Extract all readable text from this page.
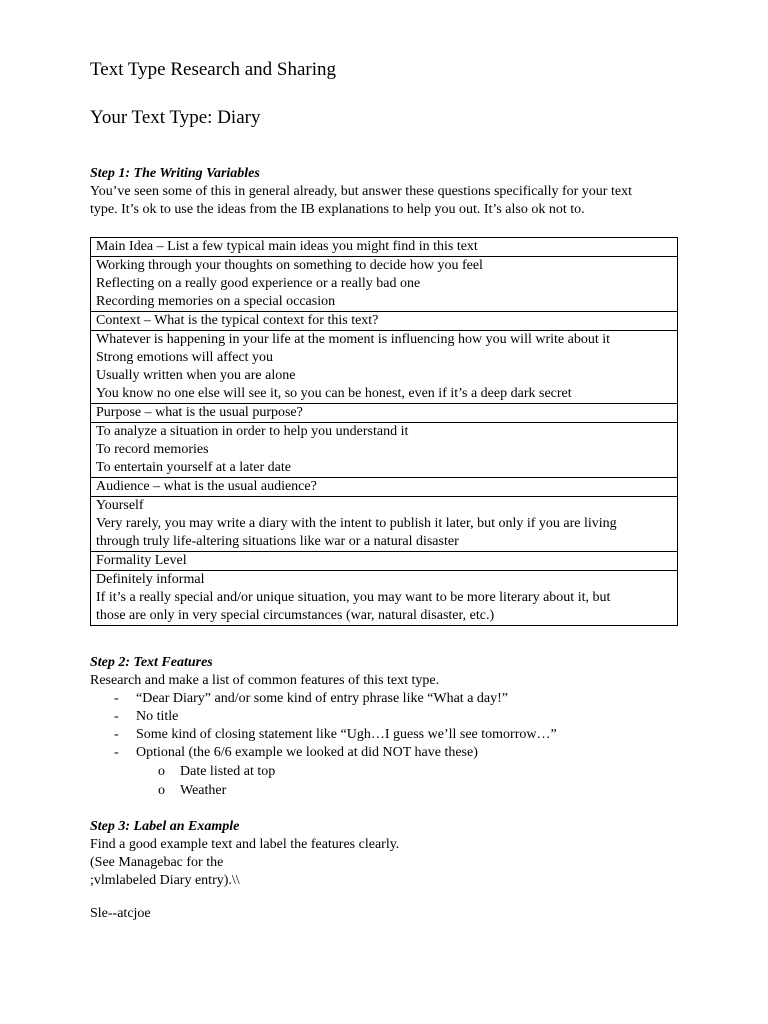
Text Type Research and Sharing
Your Text Type: Diary
Step 1: The Writing Variables
You’ve seen some of this in general already, but answer these questions specifically for your text
type. It’s ok to use the ideas from the IB explanations to help you out. It’s also ok not to.
Main Idea – List a few typical main ideas you might find in this text

Working through your thoughts on something to decide how you feel
Reflecting on a really good experience or a really bad one
Recording memories on a special occasion

Context – What is the typical context for this text?

Whatever is happening in your life at the moment is influencing how you will write about it
Strong emotions will affect you
Usually written when you are alone
You know no one else will see it, so you can be honest, even if it’s a deep dark secret

Purpose – what is the usual purpose?

To analyze a situation in order to help you understand it
To record memories
To entertain yourself at a later date

Audience – what is the usual audience?

Yourself
Very rarely, you may write a diary with the intent to publish it later, but only if you are living
through truly life-altering situations like war or a natural disaster

Formality Level

Definitely informal
If it’s a really special and/or unique situation, you may want to be more literary about it, but
those are only in very special circumstances (war, natural disaster, etc.)
Step 2: Text Features
Research and make a list of common features of this text type.
- “Dear Diary” and/or some kind of entry phrase like “What a day!”
- No title
- Some kind of closing statement like “Ugh…I guess we’ll see tomorrow…”
- Optional (the 6/6 example we looked at did NOT have these)
o Date listed at top
o Weather
Step 3: Label an Example
Find a good example text and label the features clearly.
(See Managebac for the
;vlmlabeled Diary entry).\\
Sle--atcjoe
